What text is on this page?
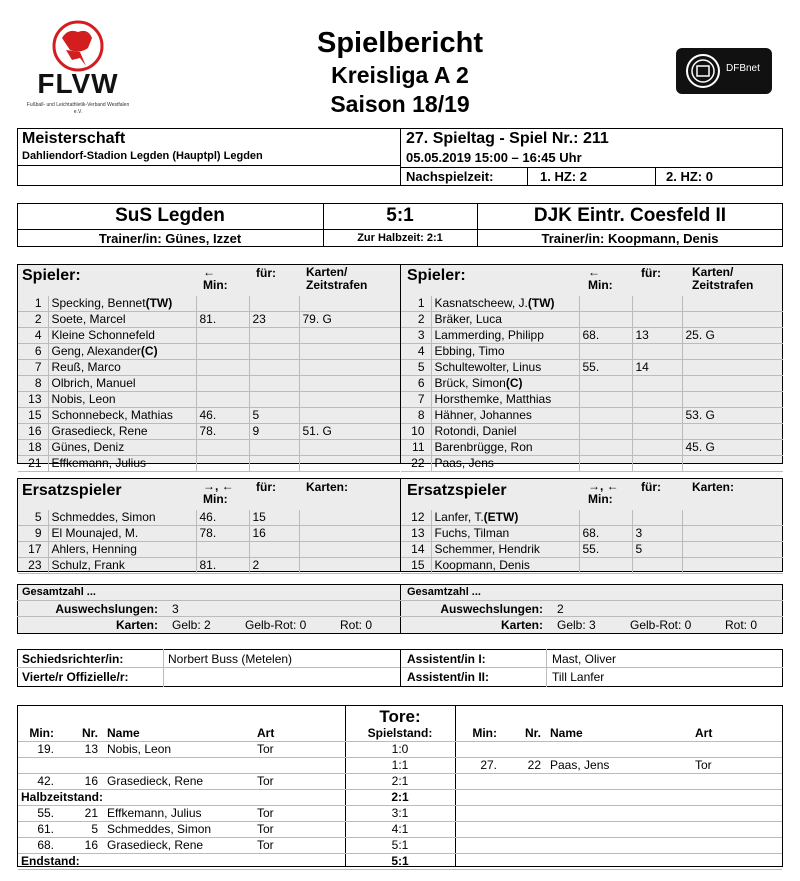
FLVW
Fußball- und Leichtathletik-Verband Westfalen e.V.
Spielbericht
Kreisliga A 2
Saison 18/19
DFBnet
Meisterschaft
Dahliendorf-Stadion Legden (Hauptpl) Legden
27. Spieltag - Spiel Nr.: 211
05.05.2019 15:00 – 16:45 Uhr
Nachspielzeit:	1. HZ: 2	2. HZ: 0
SuS Legden	5:1	DJK Eintr. Coesfeld II
Trainer/in: Günes, Izzet	Zur Halbzeit: 2:1	Trainer/in: Koopmann, Denis
Spieler:	←
Min:
für:	Karten/
Zeitstrafen
Spieler:	←
Min:
für:	Karten/
Zeitstrafen
1	Specking, Bennet(TW)			
2	Soete, Marcel	81.	23	79. G
4	Kleine Schonnefeld			
6	Geng, Alexander(C)			
7	Reuß, Marco			
8	Olbrich, Manuel			
13	Nobis, Leon			
15	Schonnebeck, Mathias	46.	5	
16	Grasedieck, Rene	78.	9	51. G
18	Günes, Deniz			
21	Effkemann, Julius			
1	Kasnatscheew, J.(TW)			
2	Bräker, Luca			
3	Lammerding, Philipp	68.	13	25. G
4	Ebbing, Timo			
5	Schultewolter, Linus	55.	14	
6	Brück, Simon(C)			
7	Horsthemke, Matthias			
8	Hähner, Johannes			53. G
10	Rotondi, Daniel			
11	Barenbrügge, Ron			45. G
22	Paas, Jens			
Ersatzspieler	→, ←
Min:
für:	Karten:	Ersatzspieler	→, ←
Min:
für:	Karten:
5	Schmeddes, Simon	46.	15	
9	El Mounajed, M.	78.	16	
17	Ahlers, Henning			
23	Schulz, Frank	81.	2	
12	Lanfer, T.(ETW)			
13	Fuchs, Tilman	68.	3	
14	Schemmer, Hendrik	55.	5	
15	Koopmann, Denis			
Gesamtzahl ...
Auswechslungen: 3
Karten: Gelb: 2	Gelb-Rot: 0	Rot: 0
Gesamtzahl ...
Auswechslungen: 2
Karten: Gelb: 3	Gelb-Rot: 0	Rot: 0
Schiedsrichter/in:	Norbert Buss (Metelen)
Vierte/r Offizielle/r:
Assistent/in I:	Mast, Oliver
Assistent/in II:	Till Lanfer
Tore:
Min:	Nr.	Name	Art	Spielstand:	Min:	Nr.	Name	Art
19.	13	Nobis, Leon	Tor	1:0				
				1:1	27.	22	Paas, Jens	Tor
42.	16	Grasedieck, Rene	Tor	2:1				
Halbzeitstand:				2:1				
55.	21	Effkemann, Julius	Tor	3:1				
61.	5	Schmeddes, Simon	Tor	4:1				
68.	16	Grasedieck, Rene	Tor	5:1				
Endstand:				5:1				
